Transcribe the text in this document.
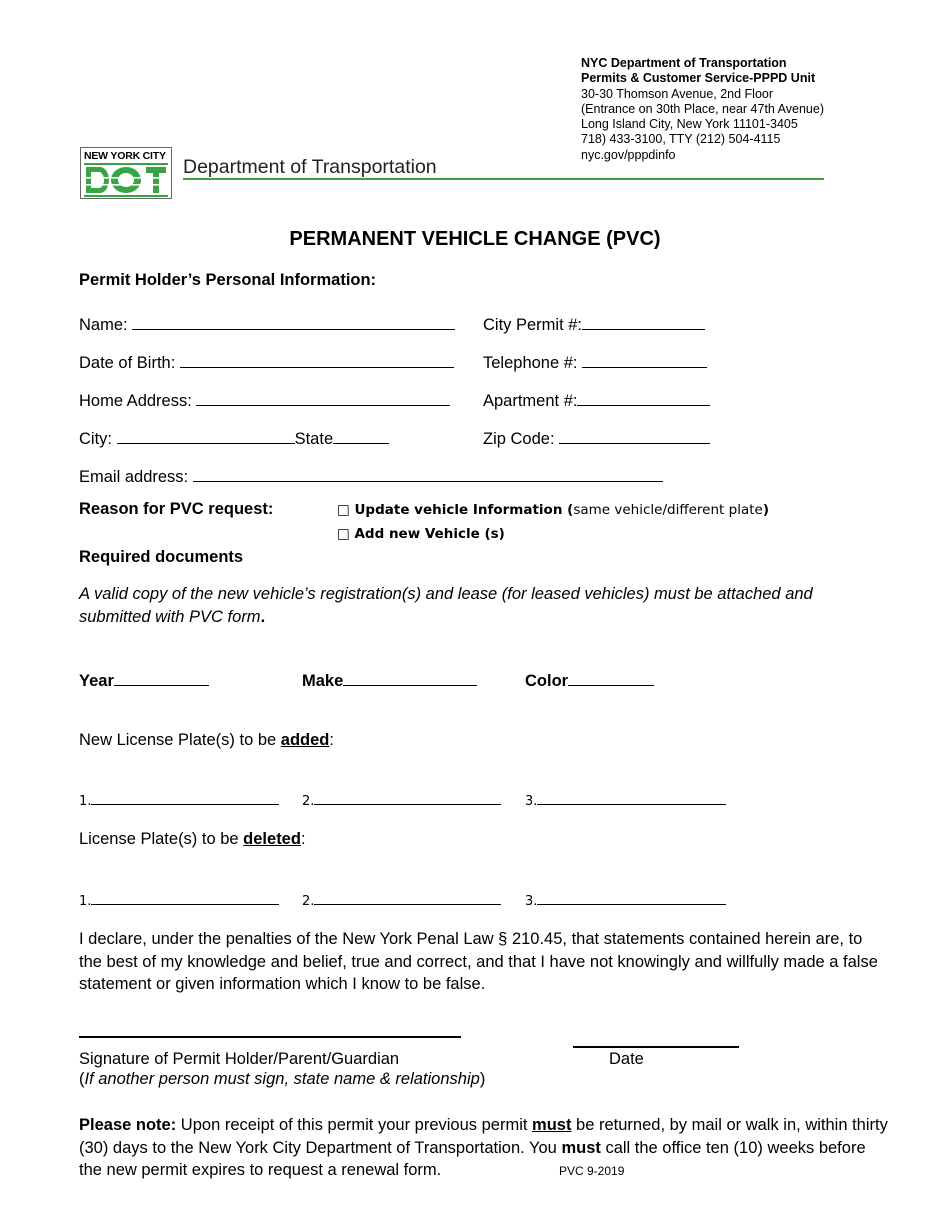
NYC Department of Transportation
Permits & Customer Service-PPPD Unit
30-30 Thomson Avenue, 2nd Floor
(Entrance on 30th Place, near 47th Avenue)
Long Island City, New York 11101-3405
718) 433-3100, TTY (212) 504-4115
nyc.gov/pppdinfo
NEW YORK CITY Department of Transportation
PERMANENT VEHICLE CHANGE (PVC)
Permit Holder’s Personal Information:
Name:	City Permit #:
Date of Birth:	Telephone #:
Home Address:	Apartment #:
City:	State	Zip Code:
Email address:
Reason for PVC request:	□ Update vehicle Information (same vehicle/different plate)
□ Add new Vehicle (s)
Required documents
A valid copy of the new vehicle’s registration(s) and lease (for leased vehicles) must be attached and submitted with PVC form.
Year	Make	Color
New License Plate(s) to be added:
1.	2.	3.
License Plate(s) to be deleted:
1.	2.	3.
I declare, under the penalties of the New York Penal Law § 210.45, that statements contained herein are, to the best of my knowledge and belief, true and correct, and that I have not knowingly and willfully made a false statement or given information which I know to be false.
Signature of Permit Holder/Parent/Guardian	Date
(If another person must sign, state name & relationship)
Please note: Upon receipt of this permit your previous permit must be returned, by mail or walk in, within thirty (30) days to the New York City Department of Transportation. You must call the office ten (10) weeks before the new permit expires to request a renewal form.	PVC 9-2019
